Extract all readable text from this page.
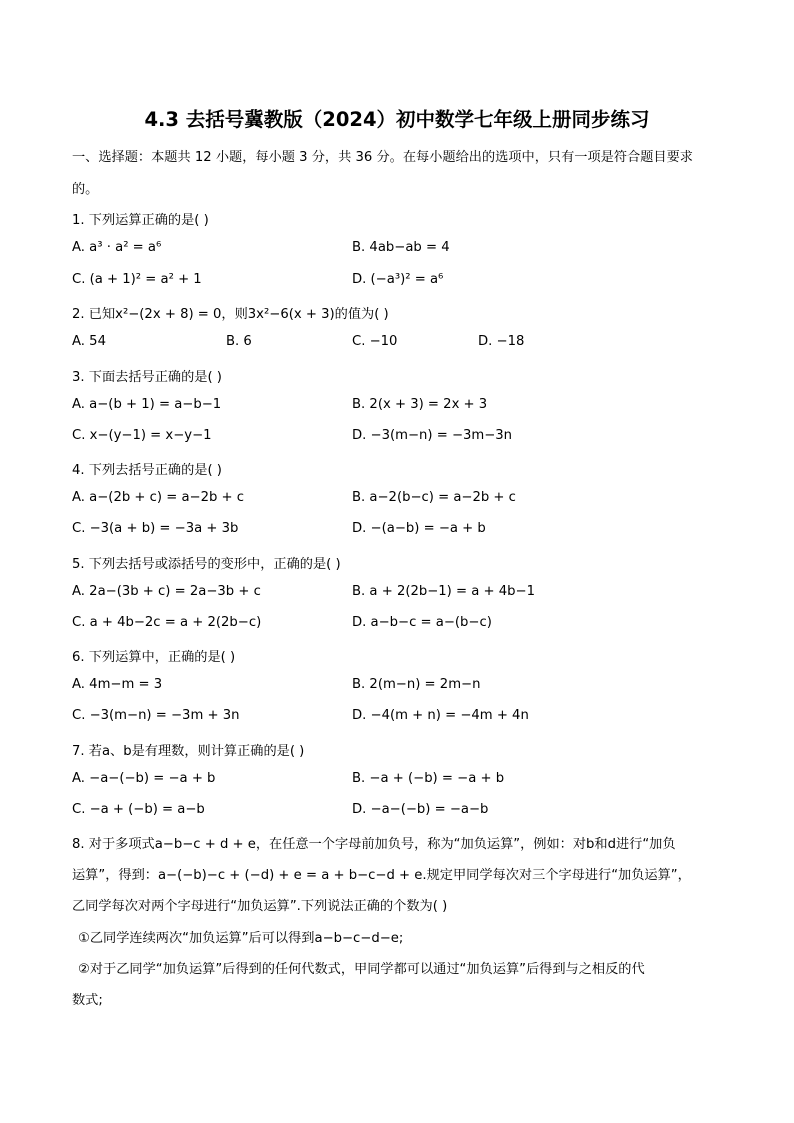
4.3 去括号冀教版（2024）初中数学七年级上册同步练习
一、选择题：本题共 12 小题，每小题 3 分，共 36 分。在每小题给出的选项中，只有一项是符合题目要求
的。
1. 下列运算正确的是( )
A. a³ · a² = a⁶	B. 4ab−ab = 4
C. (a + 1)² = a² + 1	D. (−a³)² = a⁶
2. 已知x²−(2x + 8) = 0，则3x²−6(x + 3)的值为( )
A. 54	B. 6	C. −10	D. −18
3. 下面去括号正确的是( )
A. a−(b + 1) = a−b−1	B. 2(x + 3) = 2x + 3
C. x−(y−1) = x−y−1	D. −3(m−n) = −3m−3n
4. 下列去括号正确的是( )
A. a−(2b + c) = a−2b + c	B. a−2(b−c) = a−2b + c
C. −3(a + b) = −3a + 3b	D. −(a−b) = −a + b
5. 下列去括号或添括号的变形中，正确的是( )
A. 2a−(3b + c) = 2a−3b + c	B. a + 2(2b−1) = a + 4b−1
C. a + 4b−2c = a + 2(2b−c)	D. a−b−c = a−(b−c)
6. 下列运算中，正确的是( )
A. 4m−m = 3	B. 2(m−n) = 2m−n
C. −3(m−n) = −3m + 3n	D. −4(m + n) = −4m + 4n
7. 若a、b是有理数，则计算正确的是( )
A. −a−(−b) = −a + b	B. −a + (−b) = −a + b
C. −a + (−b) = a−b	D. −a−(−b) = −a−b
8. 对于多项式a−b−c + d + e，在任意一个字母前加负号，称为“加负运算”，例如：对b和d进行“加负
运算”，得到：a−(−b)−c + (−d) + e = a + b−c−d + e.规定甲同学每次对三个字母进行“加负运算”，
乙同学每次对两个字母进行“加负运算”.下列说法正确的个数为( )
①乙同学连续两次“加负运算”后可以得到a−b−c−d−e;
②对于乙同学“加负运算”后得到的任何代数式，甲同学都可以通过“加负运算”后得到与之相反的代
数式;
